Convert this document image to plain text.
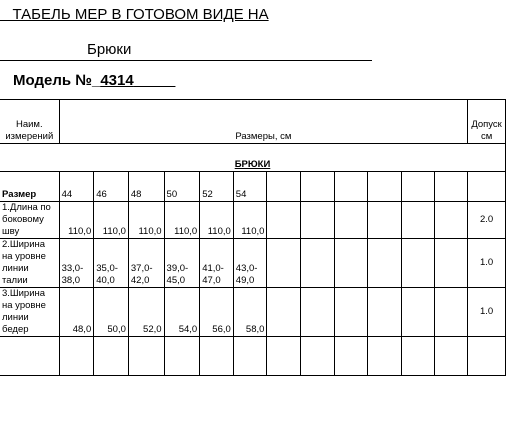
ТАБЕЛЬ МЕР В ГОТОВОМ ВИДЕ НА
Брюки
Модель №_4314_____
Наим. измерений	Размеры, см												Допуск см
БРЮКИ													
Размер	44	46	48	50	52	54							
1.Длина по боковому шву	110,0	110,0	110,0	110,0	110,0	110,0							2.0
2.Ширина на уровне линии талии	33,0-38,0	35,0-40,0	37,0-42,0	39,0-45,0	41,0-47,0	43,0-49,0							1.0
3.Ширина на уровне линии бедер	48,0	50,0	52,0	54,0	56,0	58,0							1.0
